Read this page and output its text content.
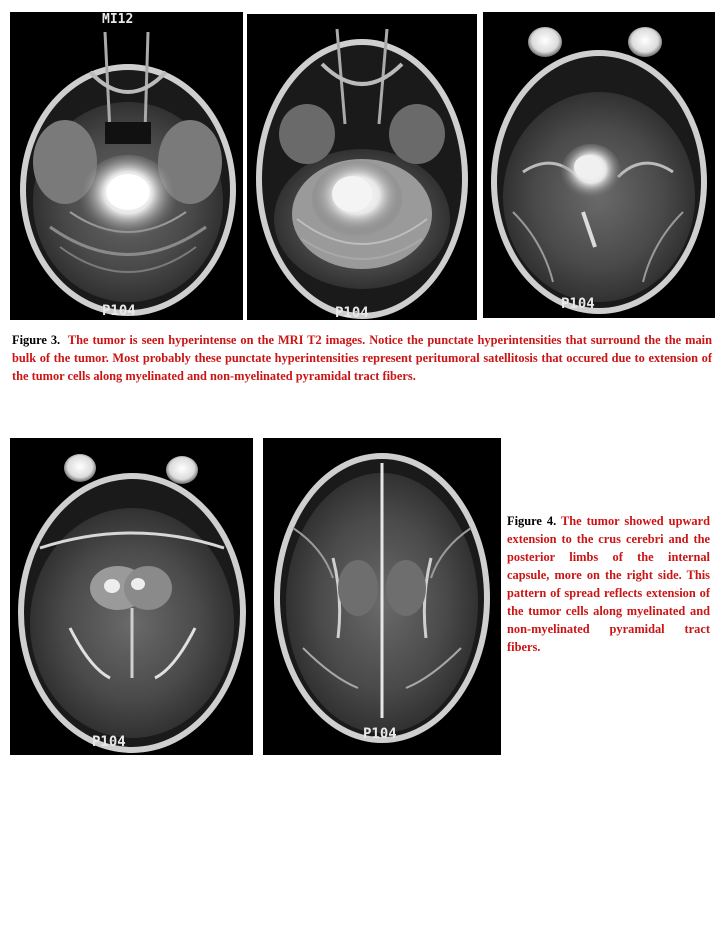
MI12
P104	P104
P104
Figure 3. The tumor is seen hyperintense on the MRI T2 images. Notice the punctate hyperintensities that surround the the main bulk of the tumor. Most probably these punctate hyperintensities represent peritumoral satellitosis that occured due to extension of the tumor cells along myelinated and non-myelinated pyramidal tract fibers.
P104	P104
Figure 4. The tumor showed upward extension to the crus cerebri and the posterior limbs of the internal capsule, more on the right side. This pattern of spread reflects extension of the tumor cells along myelinated and non-myelinated pyramidal tract fibers.
